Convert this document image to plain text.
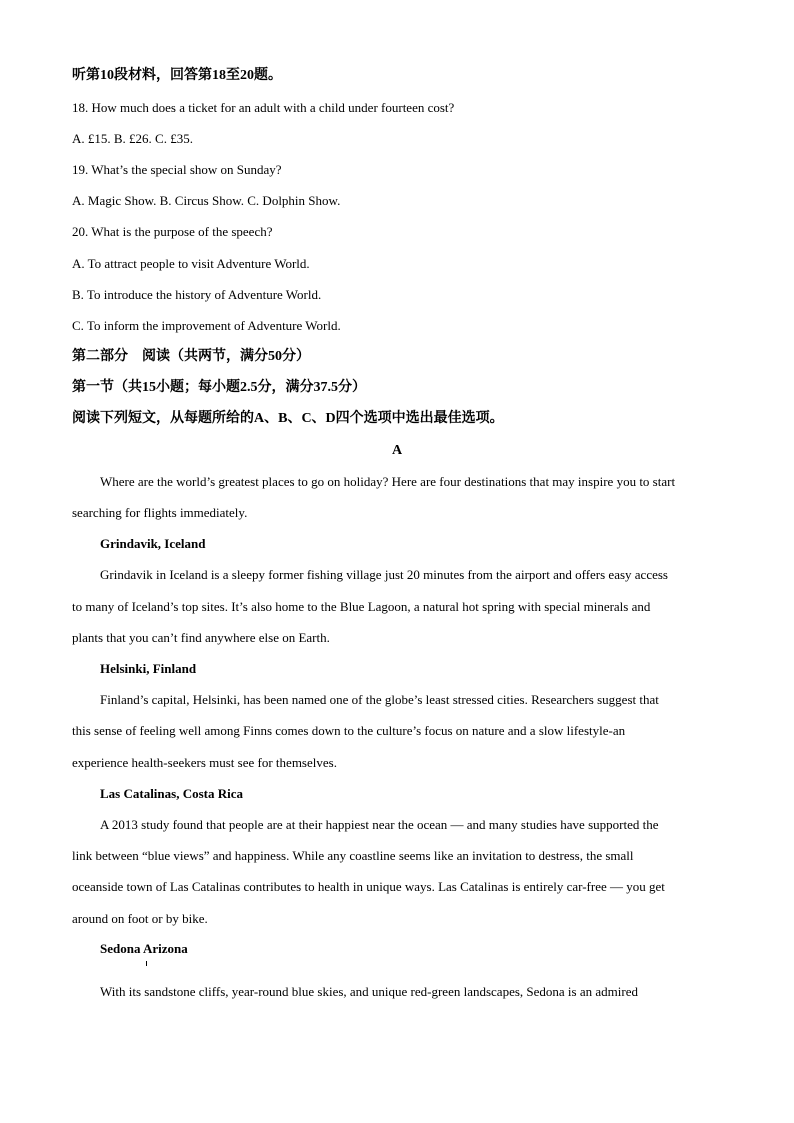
听第10段材料，回答第18至20题。
18. How much does a ticket for an adult with a child under fourteen cost?
A. £15. B. £26. C. £35.
19. What’s the special show on Sunday?
A. Magic Show. B. Circus Show. C. Dolphin Show.
20. What is the purpose of the speech?
A. To attract people to visit Adventure World.
B. To introduce the history of Adventure World.
C. To inform the improvement of Adventure World.
第二部分　阅读（共两节，满分50分）
第一节（共15小题；每小题2.5分，满分37.5分）
阅读下列短文，从每题所给的A、B、C、D四个选项中选出最佳选项。
A
Where are the world’s greatest places to go on holiday? Here are four destinations that may inspire you to start
searching for flights immediately.
Grindavik, Iceland
Grindavik in Iceland is a sleepy former fishing village just 20 minutes from the airport and offers easy access
to many of Iceland’s top sites. It’s also home to the Blue Lagoon, a natural hot spring with special minerals and
plants that you can’t find anywhere else on Earth.
Helsinki, Finland
Finland’s capital, Helsinki, has been named one of the globe’s least stressed cities. Researchers suggest that
this sense of feeling well among Finns comes down to the culture’s focus on nature and a slow lifestyle-an
experience health-seekers must see for themselves.
Las Catalinas, Costa Rica
A 2013 study found that people are at their happiest near the ocean — and many studies have supported the
link between “blue views” and happiness. While any coastline seems like an invitation to destress, the small
oceanside town of Las Catalinas contributes to health in unique ways. Las Catalinas is entirely car-free — you get
around on foot or by bike.
Sedona Arizona
With its sandstone cliffs, year-round blue skies, and unique red-green landscapes, Sedona is an admired
